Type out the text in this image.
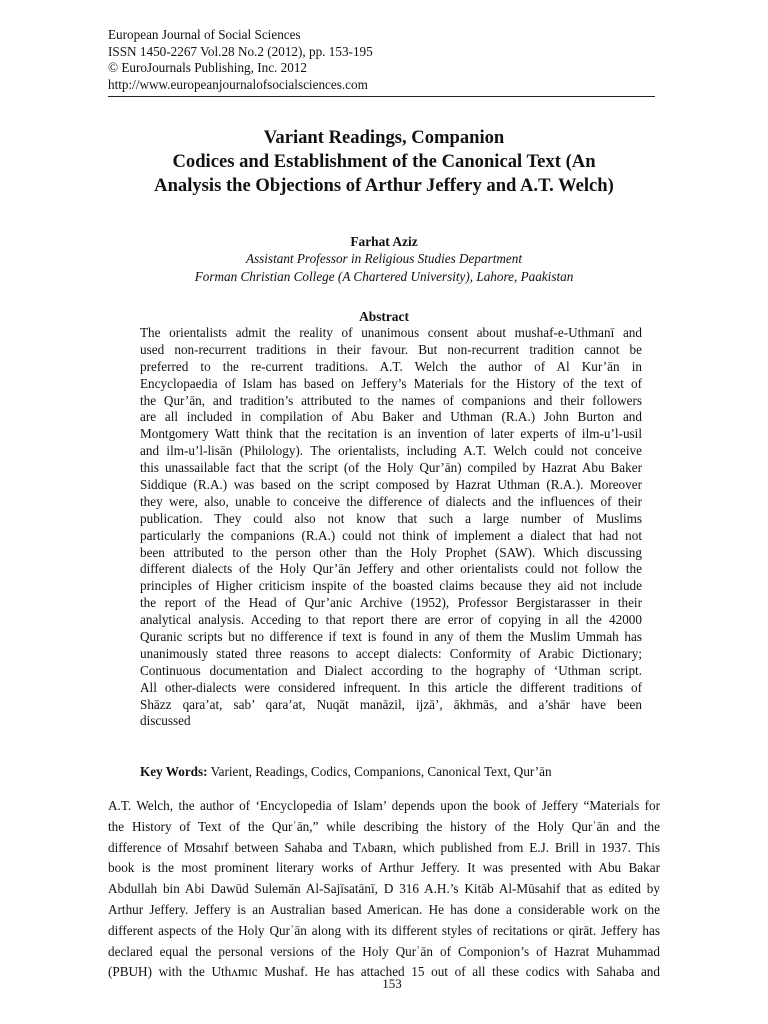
European Journal of Social Sciences
ISSN 1450-2267 Vol.28 No.2 (2012), pp. 153-195
© EuroJournals Publishing, Inc. 2012
http://www.europeanjournalofsocialsciences.com
Variant Readings, Companion
Codices and Establishment of the Canonical Text (An
Analysis the Objections of Arthur Jeffery and A.T. Welch)
Farhat Aziz
Assistant Professor in Religious Studies Department
Forman Christian College (A Chartered University), Lahore, Paakistan
Abstract
The orientalists admit the reality of unanimous consent about mushaf-e-Uthmanī and
used non-recurrent traditions in their favour. But non-recurrent tradition cannot be
preferred to the re-current traditions. A.T. Welch the author of Al Kur’ān in
Encyclopaedia of Islam has based on Jeffery’s Materials for the History of the text of
the Qur’ān, and tradition’s attributed to the names of companions and their followers
are all included in compilation of Abu Baker and Uthman (R.A.) John Burton and
Montgomery Watt think that the recitation is an invention of later experts of ilm-u’l-usil
and ilm-u’l-lisān (Philology). The orientalists, including A.T. Welch could not conceive
this unassailable fact that the script (of the Holy Qur’ān) compiled by Hazrat Abu Baker
Siddique (R.A.) was based on the script composed by Hazrat Uthman (R.A.). Moreover
they were, also, unable to conceive the difference of dialects and the influences of their
publication. They could also not know that such a large number of Muslims
particularly the companions (R.A.) could not think of implement a dialect that had not
been attributed to the person other than the Holy Prophet (SAW). Which discussing
different dialects of the Holy Qur’ān Jeffery and other orientalists could not follow the
principles of Higher criticism inspite of the boasted claims because they aid not include
the report of the Head of Qur’anic Archive (1952), Professor Bergistarasser in their
analytical analysis. Acceding to that report there are error of copying in all the 42000
Quranic scripts but no difference if text is found in any of them the Muslim Ummah has
unanimously stated three reasons to accept dialects: Conformity of Arabic Dictionary;
Continuous documentation and Dialect according to the hography of ‘Uthman script.
All other-dialects were considered infrequent. In this article the different traditions of
Shāzz qara’at, sab’ qara’at, Nuqāt manāzil, ijzā’, ākhmās, and a’shār have been
discussed
Key Words: Varient, Readings, Codics, Companions, Canonical Text, Qur’ān
A.T. Welch, the author of ‘Encyclopedia of Islam’ depends upon the book of Jeffery “Materials for
the History of Text of the Qurʾān,” while describing the history of the Holy Qurʾān and the
difference of Mʊsahɪf between Sahaba and Tʌbaʀn, which published from E.J. Brill in 1937. This
book is the most prominent literary works of Arthur Jeffery. It was presented with Abu Bakar
Abdullah bin Abi Dawūd Sulemān Al-Sajīsatānī, D 316 A.H.’s Kitāb Al-Mūsahif that as edited by
Arthur Jeffery. Jeffery is an Australian based American. He has done a considerable work on the
different aspects of the Holy Qurʾān along with its different styles of recitations or qirāt. Jeffery has
declared equal the personal versions of the Holy Qurʾān of Componion’s of Hazrat Muhammad
(PBUH) with the Uthʌmɪc Mushaf. He has attached 15 out of all these codics with Sahaba and
153
